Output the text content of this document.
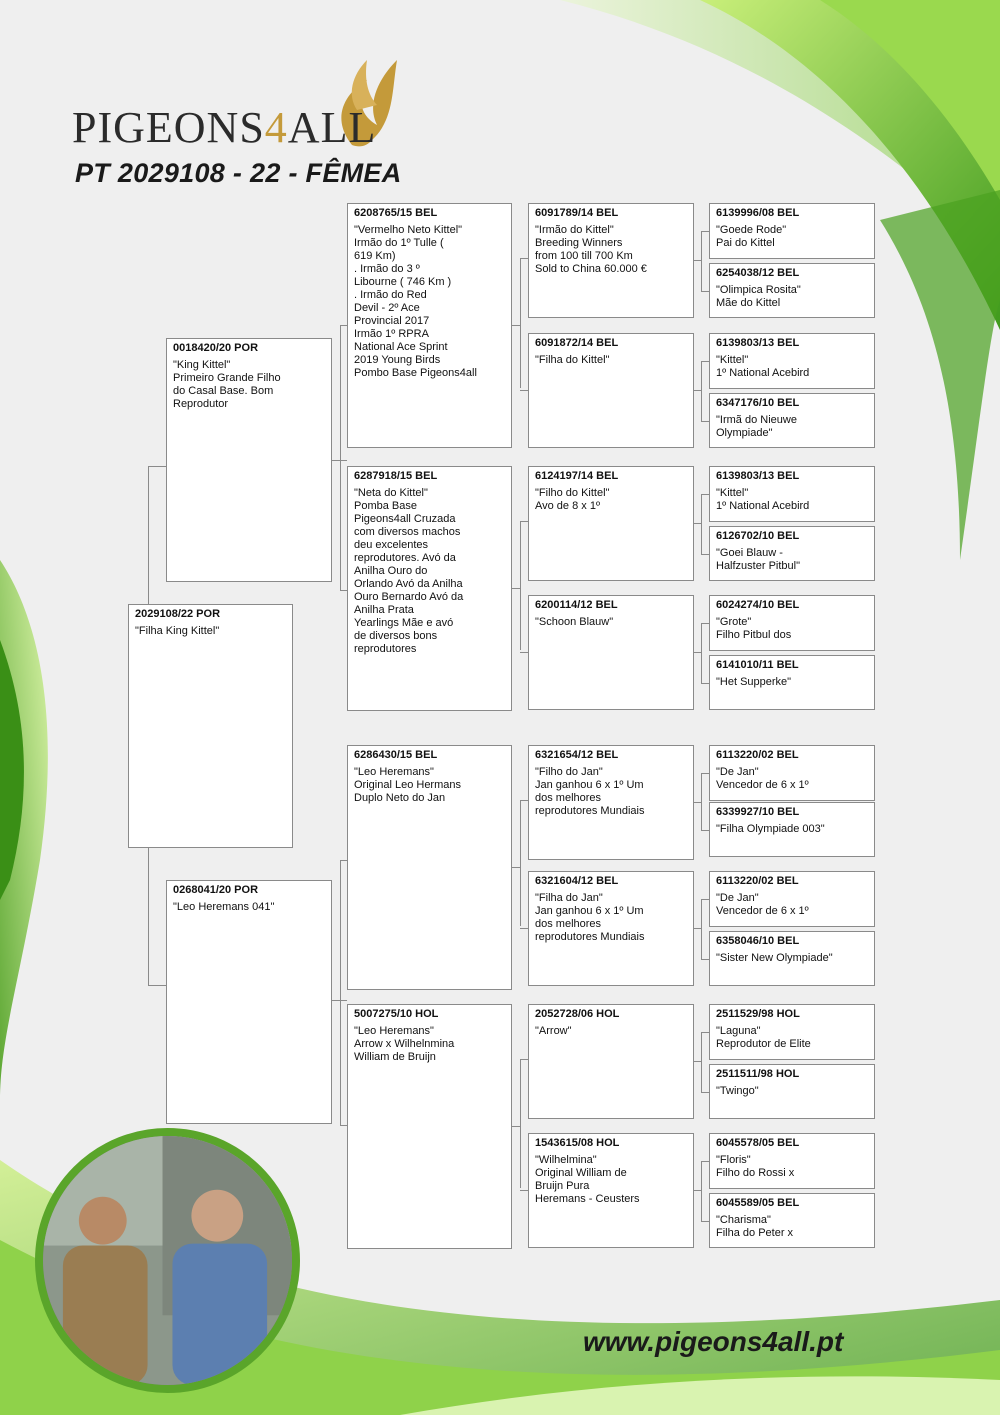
PIGEONS4ALL
PT 2029108 - 22 - FÊMEA
2029108/22 POR
"Filha King Kittel"
0018420/20 POR
"King Kittel"
Primeiro Grande Filho
do Casal Base. Bom
Reprodutor
0268041/20 POR
"Leo Heremans 041"
6208765/15 BEL
"Vermelho Neto Kittel"
Irmão do 1º Tulle (
619 Km)
. Irmão do 3 º
Libourne ( 746 Km )
. Irmão do Red
Devil - 2º Ace
Provincial 2017
Irmão 1º RPRA
National Ace Sprint
2019 Young Birds
Pombo Base Pigeons4all
6287918/15 BEL
"Neta do Kittel"
Pomba Base
Pigeons4all Cruzada
com diversos machos
deu excelentes
reprodutores. Avó da
Anilha Ouro do
Orlando Avó da Anilha
Ouro Bernardo Avó da
Anilha Prata
Yearlings Mãe e avó
de diversos bons
reprodutores
6286430/15 BEL
"Leo Heremans"
Original Leo Hermans
Duplo Neto do Jan
5007275/10 HOL
"Leo Heremans"
Arrow x Wilhelnmina
William de Bruijn
6091789/14 BEL
"Irmão do Kittel"
Breeding Winners
from 100 till 700 Km
Sold to China 60.000 €
6091872/14 BEL
"Filha do Kittel"
6124197/14 BEL
"Filho do Kittel"
Avo de 8 x 1º
6200114/12 BEL
"Schoon Blauw"
6321654/12 BEL
"Filho do Jan"
Jan ganhou 6 x 1º Um
dos melhores
reprodutores Mundiais
6321604/12 BEL
"Filha do Jan"
Jan ganhou 6 x 1º Um
dos melhores
reprodutores Mundiais
2052728/06 HOL
"Arrow"
1543615/08 HOL
"Wilhelmina"
Original William de
Bruijn Pura
Heremans - Ceusters
6139996/08 BEL
"Goede Rode"
Pai do Kittel
6254038/12 BEL
"Olimpica Rosita"
Mãe do Kittel
6139803/13 BEL
"Kittel"
1º National Acebird
6347176/10 BEL
"Irmã do Nieuwe
Olympiade"
6139803/13 BEL
"Kittel"
1º National Acebird
6126702/10 BEL
"Goei Blauw -
Halfzuster Pitbul"
6024274/10 BEL
"Grote"
Filho Pitbul dos
6141010/11 BEL
"Het Supperke"
6113220/02 BEL
"De Jan"
Vencedor de 6 x 1º
6339927/10 BEL
"Filha Olympiade 003"
6113220/02 BEL
"De Jan"
Vencedor de 6 x 1º
6358046/10 BEL
"Sister New Olympiade"
2511529/98 HOL
"Laguna"
Reprodutor de Elite
2511511/98 HOL
"Twingo"
6045578/05 BEL
"Floris"
Filho do Rossi x
6045589/05 BEL
"Charisma"
Filha do Peter x
www.pigeons4all.pt
